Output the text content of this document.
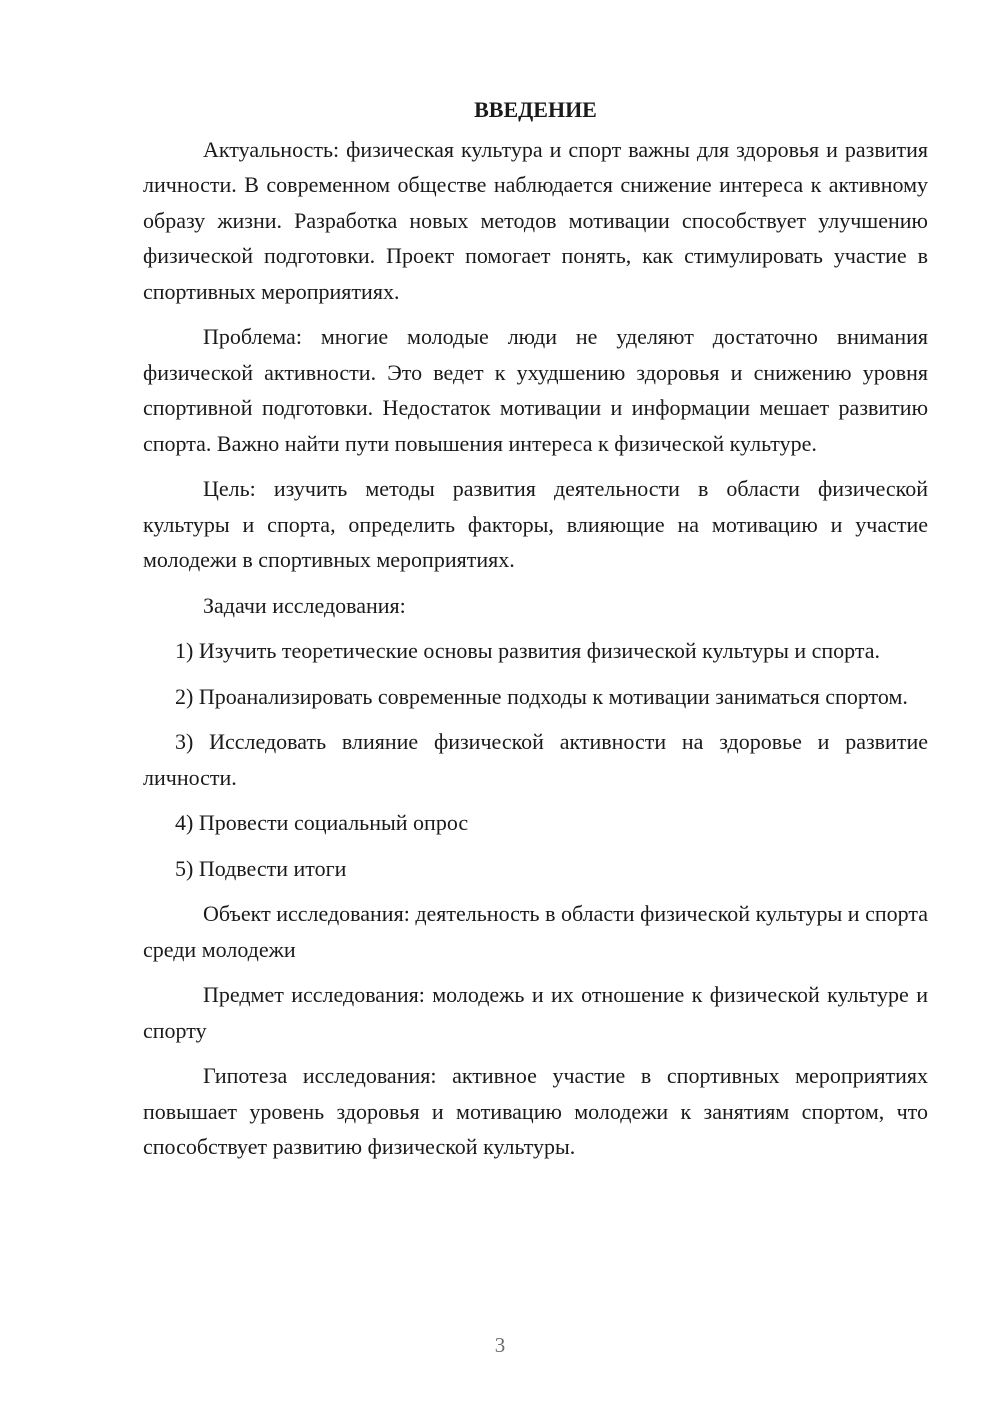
ВВЕДЕНИЕ

Актуальность: физическая культура и спорт важны для здоровья и развития личности. В современном обществе наблюдается снижение интереса к активному образу жизни. Разработка новых методов мотивации способствует улучшению физической подготовки. Проект помогает понять, как стимулировать участие в спортивных мероприятиях.

Проблема: многие молодые люди не уделяют достаточно внимания физической активности. Это ведет к ухудшению здоровья и снижению уровня спортивной подготовки. Недостаток мотивации и информации мешает развитию спорта. Важно найти пути повышения интереса к физической культуре.

Цель: изучить методы развития деятельности в области физической культуры и спорта, определить факторы, влияющие на мотивацию и участие молодежи в спортивных мероприятиях.

Задачи исследования:

1) Изучить теоретические основы развития физической культуры и спорта.

2) Проанализировать современные подходы к мотивации заниматься спортом.

3) Исследовать влияние физической активности на здоровье и развитие личности.

4) Провести социальный опрос

5) Подвести итоги

Объект исследования: деятельность в области физической культуры и спорта среди молодежи

Предмет исследования: молодежь и их отношение к физической культуре и спорту

Гипотеза исследования: активное участие в спортивных мероприятиях повышает уровень здоровья и мотивацию молодежи к занятиям спортом, что способствует развитию физической культуры.

3
